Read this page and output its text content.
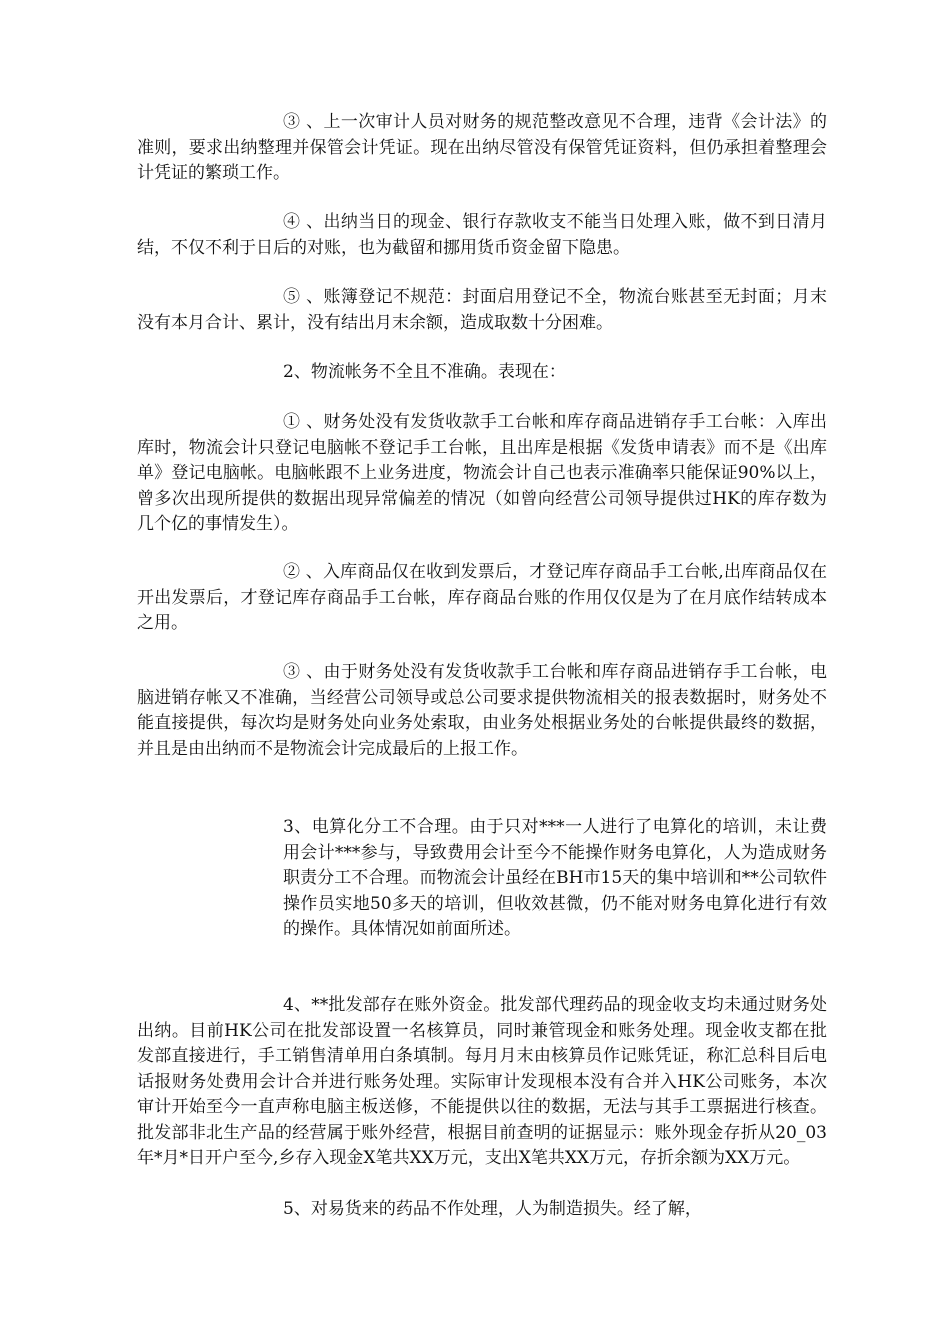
③ 、上一次审计人员对财务的规范整改意见不合理，违背《会计法》的准则，要求出纳整理并保管会计凭证。现在出纳尽管没有保管凭证资料，但仍承担着整理会计凭证的繁琐工作。

④ 、出纳当日的现金、银行存款收支不能当日处理入账，做不到日清月结，不仅不利于日后的对账，也为截留和挪用货币资金留下隐患。

⑤ 、账簿登记不规范：封面启用登记不全，物流台账甚至无封面；月末没有本月合计、累计，没有结出月末余额，造成取数十分困难。

2、物流帐务不全且不准确。表现在：

① 、财务处没有发货收款手工台帐和库存商品进销存手工台帐：入库出库时，物流会计只登记电脑帐不登记手工台帐，且出库是根据《发货申请表》而不是《出库单》登记电脑帐。电脑帐跟不上业务进度，物流会计自己也表示准确率只能保证90%以上，曾多次出现所提供的数据出现异常偏差的情况（如曾向经营公司领导提供过HK的库存数为几个亿的事情发生）。

② 、入库商品仅在收到发票后，才登记库存商品手工台帐,出库商品仅在开出发票后，才登记库存商品手工台帐，库存商品台账的作用仅仅是为了在月底作结转成本之用。

③ 、由于财务处没有发货收款手工台帐和库存商品进销存手工台帐，电脑进销存帐又不准确，当经营公司领导或总公司要求提供物流相关的报表数据时，财务处不能直接提供，每次均是财务处向业务处索取，由业务处根据业务处的台帐提供最终的数据，并且是由出纳而不是物流会计完成最后的上报工作。

3、电算化分工不合理。由于只对***一人进行了电算化的培训，未让费用会计***参与，导致费用会计至今不能操作财务电算化，人为造成财务职责分工不合理。而物流会计虽经在BH市15天的集中培训和**公司软件操作员实地50多天的培训，但收效甚微，仍不能对财务电算化进行有效的操作。具体情况如前面所述。

4、**批发部存在账外资金。批发部代理药品的现金收支均未通过财务处出纳。目前HK公司在批发部设置一名核算员，同时兼管现金和账务处理。现金收支都在批发部直接进行，手工销售清单用白条填制。每月月末由核算员作记账凭证，称汇总科目后电话报财务处费用会计合并进行账务处理。实际审计发现根本没有合并入HK公司账务，本次审计开始至今一直声称电脑主板送修，不能提供以往的数据，无法与其手工票据进行核查。批发部非北生产品的经营属于账外经营，根据目前查明的证据显示：账外现金存折从20_03年*月*日开户至今,乡存入现金X笔共XX万元，支出X笔共XX万元，存折余额为XX万元。

5、对易货来的药品不作处理，人为制造损失。经了解，
